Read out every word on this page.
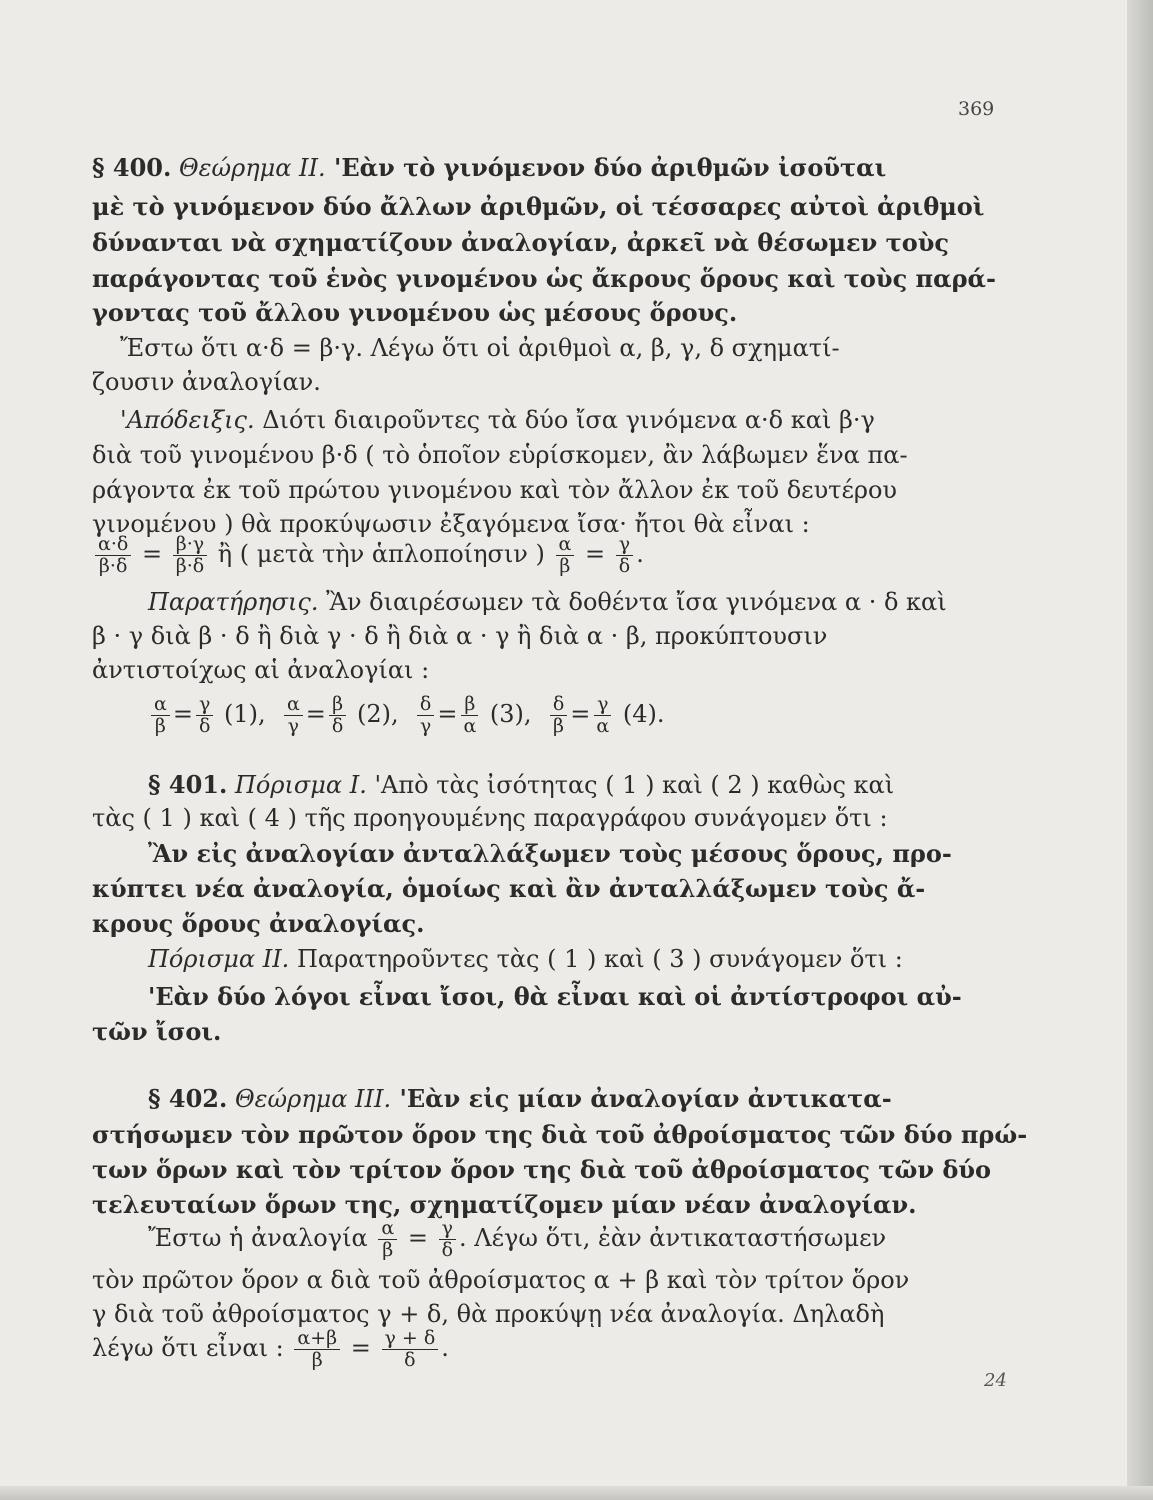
369
§ 400. Θεώρημα ΙΙ. 'Εὰν τὸ γινόμενον δύο ἀριθμῶν ἰσοῦται
μὲ τὸ γινόμενον δύο ἄλλων ἀριθμῶν, οἱ τέσσαρες αὐτοὶ ἀριθμοὶ
δύνανται νὰ σχηματίζουν ἀναλογίαν, ἀρκεῖ νὰ θέσωμεν τοὺς
παράγοντας τοῦ ἑνὸς γινομένου ὡς ἄκρους ὅρους καὶ τοὺς παρά-
γοντας τοῦ ἄλλου γινομένου ὡς μέσους ὅρους.
Ἔστω ὅτι α·δ = β·γ. Λέγω ὅτι οἱ ἀριθμοὶ α, β, γ, δ σχηματί-
ζουσιν ἀναλογίαν.
'Απόδειξις. Διότι διαιροῦντες τὰ δύο ἴσα γινόμενα α·δ καὶ β·γ
διὰ τοῦ γινομένου β·δ ( τὸ ὁποῖον εὑρίσκομεν, ἂν λάβωμεν ἕνα πα-
ράγοντα ἐκ τοῦ πρώτου γινομένου καὶ τὸν ἄλλον ἐκ τοῦ δευτέρου
γινομένου ) θὰ προκύψωσιν ἐξαγόμενα ἴσα· ἤτοι θὰ εἶναι :
$\frac{\alpha\cdot\delta}{\beta\cdot\delta} = \frac{\beta\cdot\gamma}{\beta\cdot\delta}$ ἢ ( μετὰ τὴν ἁπλοποίησιν ) $\frac{\alpha}{\beta} = \frac{\gamma}{\delta}$ .
Παρατήρησις. Ἂν διαιρέσωμεν τὰ δοθέντα ἴσα γινόμενα α · δ καὶ
β · γ διὰ β · δ ἢ διὰ γ · δ ἢ διὰ α · γ ἢ διὰ α · β, προκύπτουσιν
ἀντιστοίχως αἱ ἀναλογίαι :
$\frac{\alpha}{\beta} = \frac{\gamma}{\delta} (1)$, $\frac{\alpha}{\gamma} = \frac{\beta}{\delta} (2)$, $\frac{\delta}{\gamma} = \frac{\beta}{\alpha} (3)$, $\frac{\delta}{\beta} = \frac{\gamma}{\alpha} (4)$.
§ 401. Πόρισμα Ι. 'Απὸ τὰς ἰσότητας ( 1 ) καὶ ( 2 ) καθὼς καὶ
τὰς ( 1 ) καὶ ( 4 ) τῆς προηγουμένης παραγράφου συνάγομεν ὅτι :
Ἂν εἰς ἀναλογίαν ἀνταλλάξωμεν τοὺς μέσους ὅρους, προ-
κύπτει νέα ἀναλογία, ὁμοίως καὶ ἂν ἀνταλλάξωμεν τοὺς ἄ-
κρους ὅρους ἀναλογίας.
Πόρισμα ΙΙ. Παρατηροῦντες τὰς ( 1 ) καὶ ( 3 ) συνάγομεν ὅτι :
'Εὰν δύο λόγοι εἶναι ἴσοι, θὰ εἶναι καὶ οἱ ἀντίστροφοι αὐ-
τῶν ἴσοι.
§ 402. Θεώρημα ΙΙΙ. 'Εὰν εἰς μίαν ἀναλογίαν ἀντικατα-
στήσωμεν τὸν πρῶτον ὅρον της διὰ τοῦ ἀθροίσματος τῶν δύο πρώ-
των ὅρων καὶ τὸν τρίτον ὅρον της διὰ τοῦ ἀθροίσματος τῶν δύο
τελευταίων ὅρων της, σχηματίζομεν μίαν νέαν ἀναλογίαν.
Ἔστω ἡ ἀναλογία $\frac{\alpha}{\beta} = \frac{\gamma}{\delta}$ . Λέγω ὅτι, ἐὰν ἀντικαταστήσωμεν
τὸν πρῶτον ὅρον α διὰ τοῦ ἀθροίσματος α + β καὶ τὸν τρίτον ὅρον
γ διὰ τοῦ ἀθροίσματος γ + δ, θὰ προκύψῃ νέα ἀναλογία. Δηλαδὴ
λέγω ὅτι εἶναι : $\frac{\alpha+\beta}{\beta} = \frac{\gamma + \delta}{\delta}$ .
24
